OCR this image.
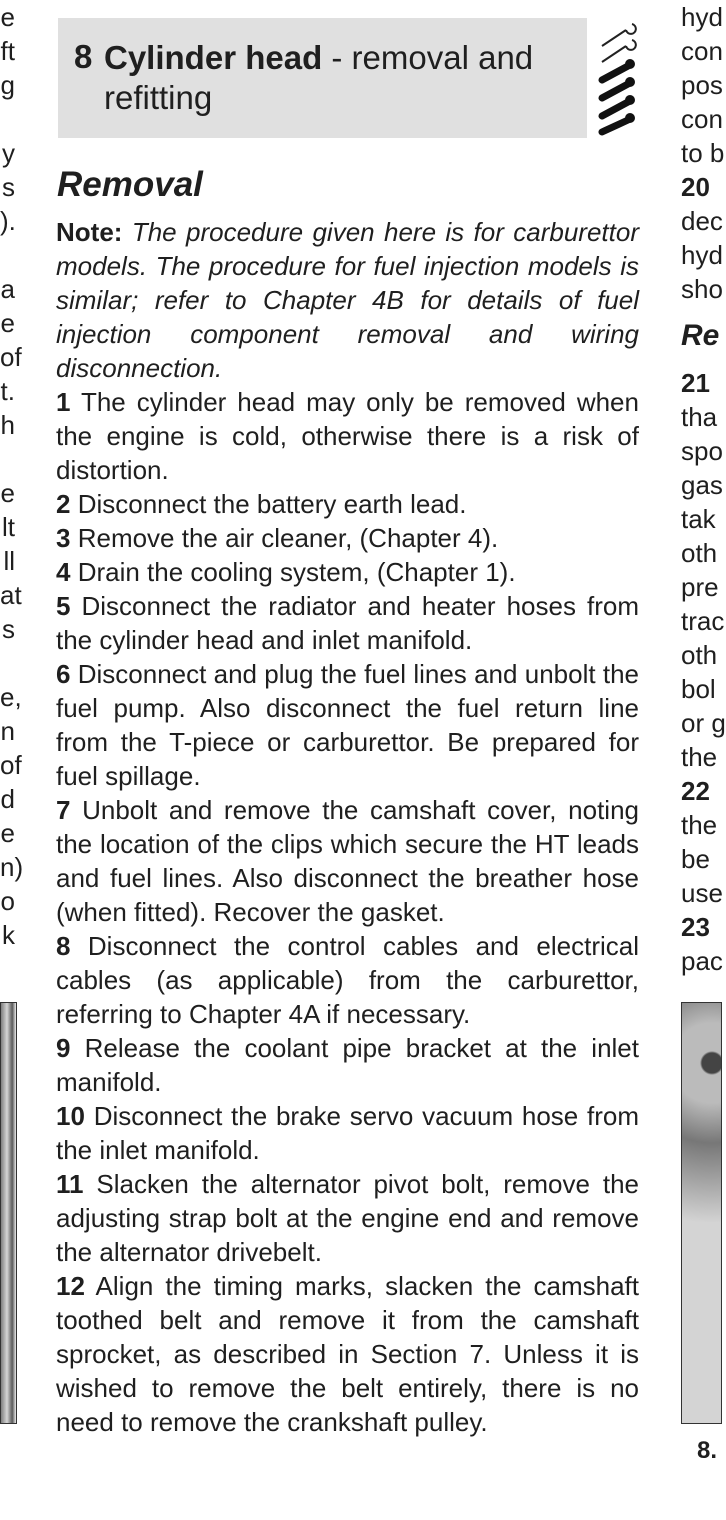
e
ft
g
y
s
).
a
e
of
t.
h
e
lt
ll
at
s
e,
n
of
d
e
n)
o
k
8 Cylinder head - removal and refitting
Removal

Note: The procedure given here is for carburettor models. The procedure for fuel injection models is similar; refer to Chapter 4B for details of fuel injection component removal and wiring disconnection.

1 The cylinder head may only be removed when the engine is cold, otherwise there is a risk of distortion.

2 Disconnect the battery earth lead.

3 Remove the air cleaner, (Chapter 4).

4 Drain the cooling system, (Chapter 1).

5 Disconnect the radiator and heater hoses from the cylinder head and inlet manifold.

6 Disconnect and plug the fuel lines and unbolt the fuel pump. Also disconnect the fuel return line from the T-piece or carburettor. Be prepared for fuel spillage.

7 Unbolt and remove the camshaft cover, noting the location of the clips which secure the HT leads and fuel lines. Also disconnect the breather hose (when fitted). Recover the gasket.

8 Disconnect the control cables and electrical cables (as applicable) from the carburettor, referring to Chapter 4A if necessary.

9 Release the coolant pipe bracket at the inlet manifold.

10 Disconnect the brake servo vacuum hose from the inlet manifold.

11 Slacken the alternator pivot bolt, remove the adjusting strap bolt at the engine end and remove the alternator drivebelt.

12 Align the timing marks, slacken the camshaft toothed belt and remove it from the camshaft sprocket, as described in Section 7. Unless it is wished to remove the belt entirely, there is no need to remove the crankshaft pulley.

hyd
con
pos
con
to b
20
dec
hyd
sho
Re
21
tha
spo
gas
tak
oth
pre
trac
oth
bol
or g
the
22
the
be
use
23
pac
8.
